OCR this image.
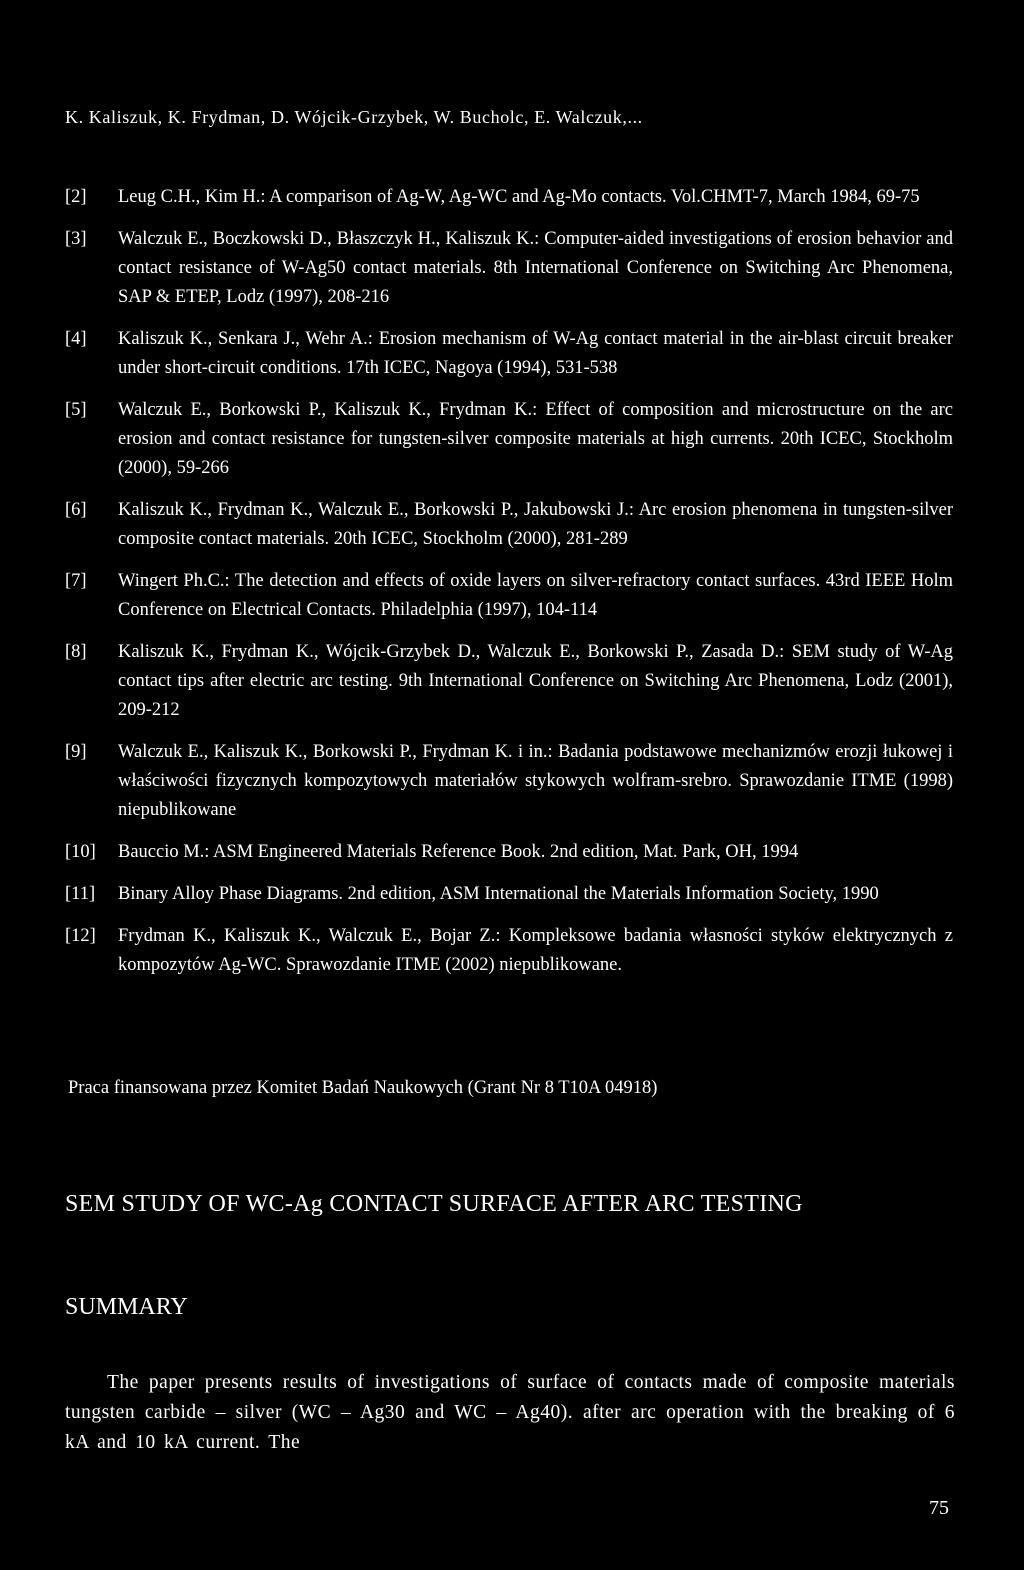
K. Kaliszuk, K. Frydman, D. Wójcik-Grzybek, W. Bucholc, E. Walczuk,...
[2]	Leug C.H., Kim H.: A comparison of Ag-W, Ag-WC and Ag-Mo contacts. Vol.CHMT-7, March 1984, 69-75
[3]	Walczuk E., Boczkowski D., Błaszczyk H., Kaliszuk K.: Computer-aided investigations of erosion behavior and contact resistance of W-Ag50 contact materials. 8th International Conference on Switching Arc Phenomena, SAP & ETEP, Lodz (1997), 208-216
[4]	Kaliszuk K., Senkara J., Wehr A.: Erosion mechanism of W-Ag contact material in the air-blast circuit breaker under short-circuit conditions. 17th ICEC, Nagoya (1994), 531-538
[5]	Walczuk E., Borkowski P., Kaliszuk K., Frydman K.: Effect of composition and microstructure on the arc erosion and contact resistance for tungsten-silver composite materials at high currents. 20th ICEC, Stockholm (2000), 59-266
[6]	Kaliszuk K., Frydman K., Walczuk E., Borkowski P., Jakubowski J.: Arc erosion phenomena in tungsten-silver composite contact materials. 20th ICEC, Stockholm (2000), 281-289
[7]	Wingert Ph.C.: The detection and effects of oxide layers on silver-refractory contact surfaces. 43rd IEEE Holm Conference on Electrical Contacts. Philadelphia (1997), 104-114
[8]	Kaliszuk K., Frydman K., Wójcik-Grzybek D., Walczuk E., Borkowski P., Zasada D.: SEM study of W-Ag contact tips after electric arc testing. 9th International Conference on Switching Arc Phenomena, Lodz (2001), 209-212
[9]	Walczuk E., Kaliszuk K., Borkowski P., Frydman K. i in.: Badania podstawowe mechanizmów erozji łukowej i właściwości fizycznych kompozytowych materiałów stykowych wolfram-srebro. Sprawozdanie ITME (1998) niepublikowane
[10]	Bauccio M.: ASM Engineered Materials Reference Book. 2nd edition, Mat. Park, OH, 1994
[11]	Binary Alloy Phase Diagrams. 2nd edition, ASM International the Materials Information Society, 1990
[12]	Frydman K., Kaliszuk K., Walczuk E., Bojar Z.: Kompleksowe badania własności styków elektrycznych z kompozytów Ag-WC. Sprawozdanie ITME (2002) niepublikowane.
Praca finansowana przez Komitet Badań Naukowych (Grant Nr 8 T10A 04918)
SEM STUDY OF WC-Ag CONTACT SURFACE AFTER ARC TESTING
SUMMARY
The paper presents results of investigations of surface of contacts made of composite materials tungsten carbide – silver (WC – Ag30 and WC – Ag40). after arc operation with the breaking of 6 kA and 10 kA current. The
75
